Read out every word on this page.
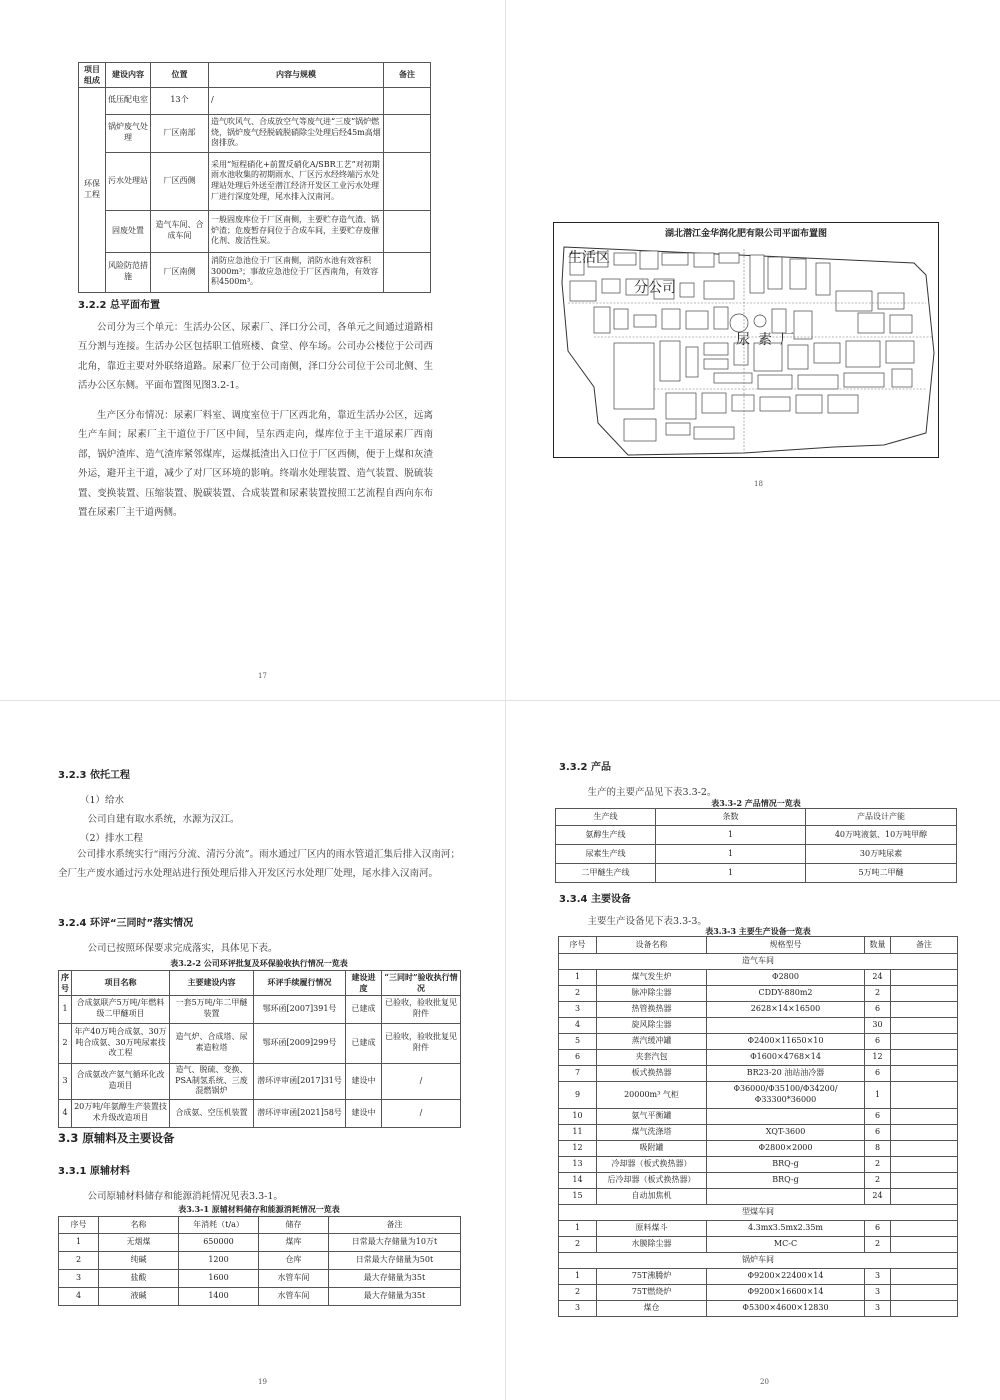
项目组成	建设内容	位置	内容与规模	备注
环保工程	低压配电室	13个	/	
	锅炉废气处理	厂区南部	造气吹风气、合成放空气等废气进“三废”锅炉燃烧，锅炉废气经脱硫脱硝除尘处理后经45m高烟囱排放。	
	污水处理站	厂区西侧	采用“短程硝化+前置反硝化A/SBR工艺”对初期雨水池收集的初期雨水、厂区污水经终端污水处理站处理后外送至潜江经济开发区工业污水处理厂进行深度处理，尾水排入汉南河。	
	固废处置	造气车间、合成车间	一般固废库位于厂区南侧，主要贮存造气渣、锅炉渣；危废暂存间位于合成车间，主要贮存废催化剂、废活性炭。	
	风险防范措施	厂区南侧	消防应急池位于厂区南侧，消防水池有效容积3000m³；事故应急池位于厂区西南角，有效容积4500m³。	
3.2.2 总平面布置
公司分为三个单元：生活办公区、尿素厂、泽口分公司，各单元之间通过道路相互分割与连接。生活办公区包括职工值班楼、食堂、停车场。公司办公楼位于公司西北角，靠近主要对外联络道路。尿素厂位于公司南侧，泽口分公司位于公司北侧、生活办公区东侧。平面布置图见图3.2-1。
生产区分布情况：尿素厂料室、调度室位于厂区西北角，靠近生活办公区，远离生产车间；尿素厂主干道位于厂区中间，呈东西走向，煤库位于主干道尿素厂西南部，锅炉渣库、造气渣库紧邻煤库，运煤抵渣出入口位于厂区西侧，便于上煤和灰渣外运，避开主干道，减少了对厂区环境的影响。终端水处理装置、造气装置、脱硫装置、变换装置、压缩装置、脱碳装置、合成装置和尿素装置按照工艺流程自西向东布置在尿素厂主干道两侧。
17
湖北潜江金华润化肥有限公司平面布置图
生活区
分公司
尿素厂
18
3.2.3 依托工程
（1）给水
公司自建有取水系统，水源为汉江。
（2）排水工程
公司排水系统实行“雨污分流、清污分流”。雨水通过厂区内的雨水管道汇集后排入汉南河；全厂生产废水通过污水处理站进行预处理后排入开发区污水处理厂处理，尾水排入汉南河。
3.2.4 环评“三同时”落实情况
公司已按照环保要求完成落实，具体见下表。
表3.2-2 公司环评批复及环保验收执行情况一览表
序号	项目名称	主要建设内容	环评手续履行情况	建设进度	“三同时”验收执行情况
1	合成氨联产5万吨/年燃料级二甲醚项目	一套5万吨/年二甲醚装置	鄂环函[2007]391号	已建成	已验收，验收批复见附件
2	年产40万吨合成氨、30万吨合成氨、30万吨尿素技改工程	造气炉、合成塔、尿素造粒塔	鄂环函[2009]299号	已建成	已验收，验收批复见附件
3	合成氨改产氨气循环化改造项目	造气、脱硫、变换、PSA制氢系统、三废混燃锅炉	潜环评审函[2017]31号	建设中	/
4	20万吨/年氨醇生产装置技术升级改造项目	合成氨、空压机装置	潜环评审函[2021]58号	建设中	/
3.3 原辅料及主要设备
3.3.1 原辅材料
公司原辅材料储存和能源消耗情况见表3.3-1。
表3.3-1 原辅材料储存和能源消耗情况一览表
序号	名称	年消耗（t/a）	储存	备注
1	无烟煤	650000	煤库	日常最大存储量为10万t
2	纯碱	1200	仓库	日常最大存储量为50t
3	盐酸	1600	水管车间	最大存储量为35t
4	液碱	1400	水管车间	最大存储量为35t
19
3.3.2 产品
生产的主要产品见下表3.3-2。
表3.3-2 产品情况一览表
生产线	条数	产品设计产能
氨醇生产线	1	40万吨液氨、10万吨甲醇
尿素生产线	1	30万吨尿素
二甲醚生产线	1	5万吨二甲醚
3.3.4 主要设备
主要生产设备见下表3.3-3。
表3.3-3 主要生产设备一览表
序号	设备名称	规格型号	数量	备注
造气车间				
1	煤气发生炉	Φ2800	24	
2	脉冲除尘器	CDDY-880m2	2	
3	热管换热器	2628×14×16500	6	
4	旋风除尘器		30	
5	蒸汽缓冲罐	Φ2400×11650×10	6	
6	夹套汽包	Φ1600×4768×14	12	
7	板式换热器	BR23-20 油站油冷器	6	
9	20000m³ 气柜	Φ36000/Φ35100/Φ34200/Φ33300*36000	1	
10	氨气平衡罐		6	
11	煤气洗涤塔	XQT-3600	6	
12	吸附罐	Φ2800×2000	8	
13	冷却器（板式换热器）	BRQ-g	2	
14	后冷却器（板式换热器）	BRQ-g	2	
15	自动加焦机		24	
型煤车间				
1	原料煤斗	4.3mx3.5mx2.35m	6	
2	水膜除尘器	MC-C	2	
锅炉车间				
1	75T沸腾炉	Φ9200×22400×14	3	
2	75T燃烧炉	Φ9200×16600×14	3	
3	煤仓	Φ5300×4600×12830	3	
20
